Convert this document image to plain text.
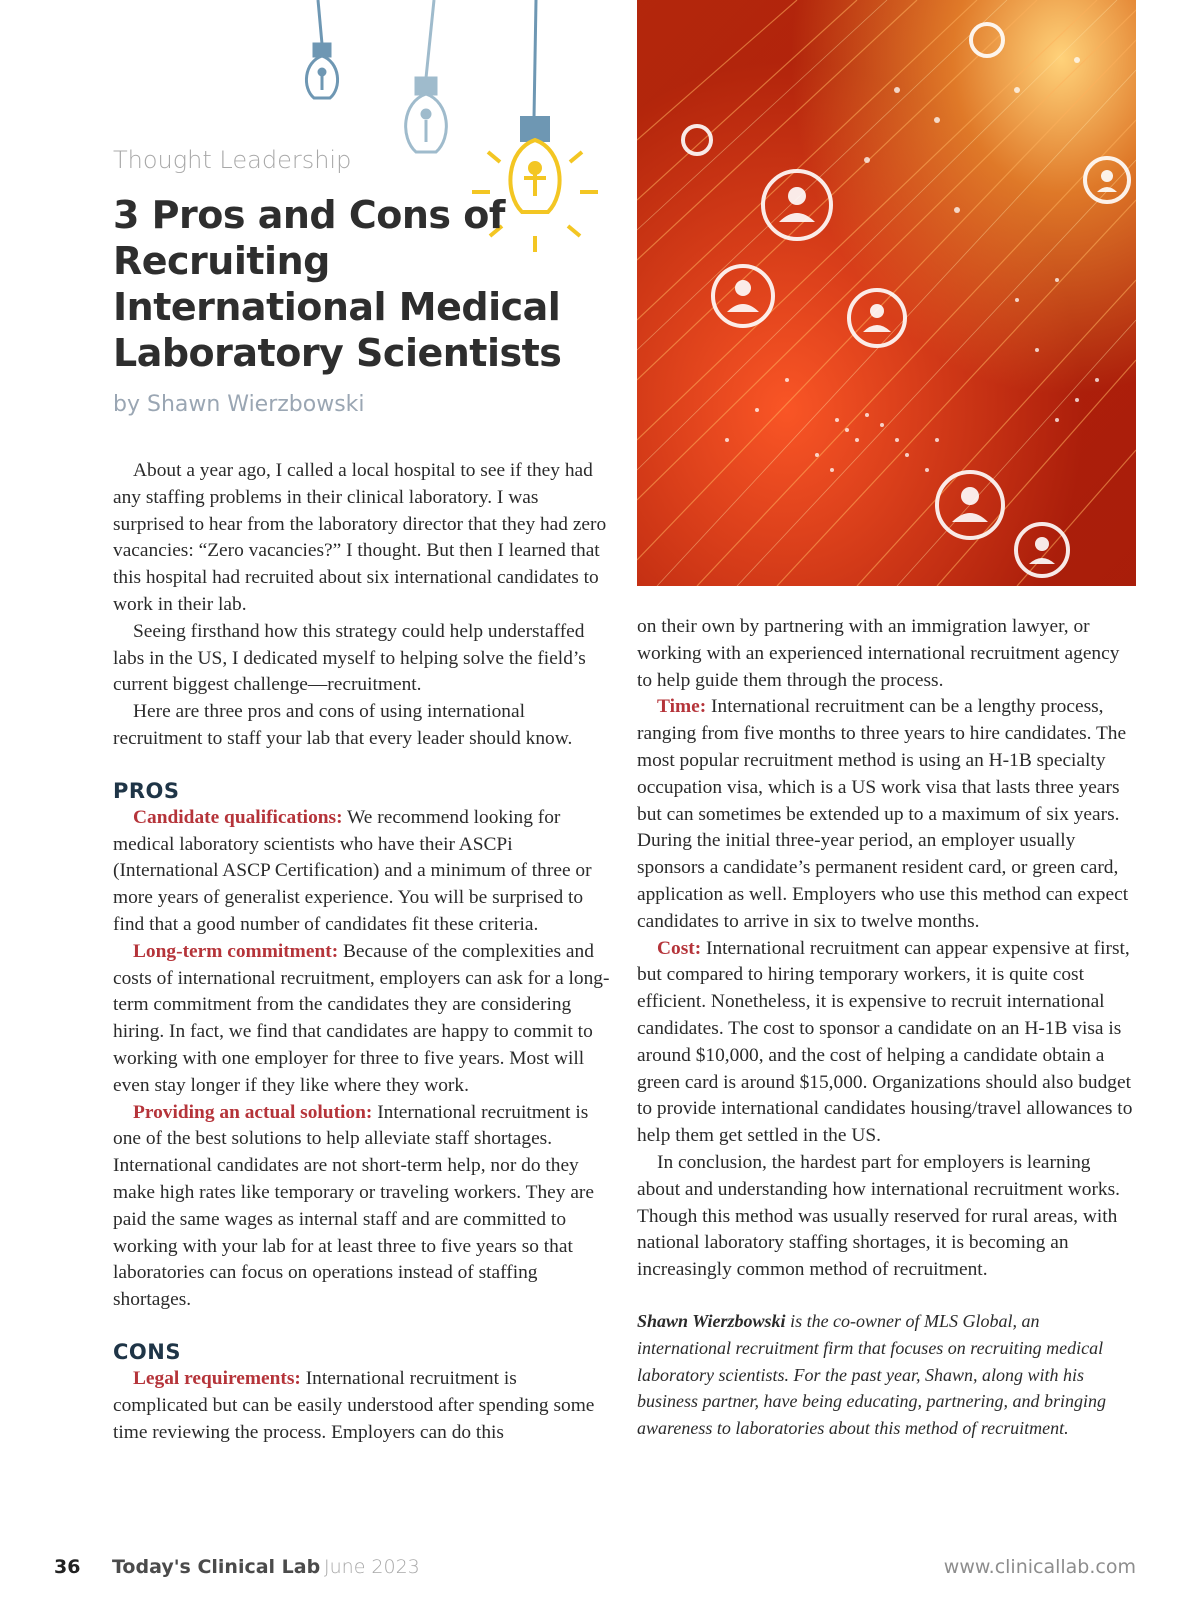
Thought Leadership
3 Pros and Cons of Recruiting International Medical Laboratory Scientists
by Shawn Wierzbowski

About a year ago, I called a local hospital to see if they had any staffing problems in their clinical laboratory. I was surprised to hear from the laboratory director that they had zero vacancies: “Zero vacancies?” I thought. But then I learned that this hospital had recruited about six international candidates to work in their lab.

Seeing firsthand how this strategy could help understaffed labs in the US, I dedicated myself to helping solve the field’s current biggest challenge—recruitment.

Here are three pros and cons of using international recruitment to staff your lab that every leader should know.

PROS

Candidate qualifications: We recommend looking for medical laboratory scientists who have their ASCPi (International ASCP Certification) and a minimum of three or more years of generalist experience. You will be surprised to find that a good number of candidates fit these criteria.

Long-term commitment: Because of the complexities and costs of international recruitment, employers can ask for a long-term commitment from the candidates they are considering hiring. In fact, we find that candidates are happy to commit to working with one employer for three to five years. Most will even stay longer if they like where they work.

Providing an actual solution: International recruitment is one of the best solutions to help alleviate staff shortages. International candidates are not short-term help, nor do they make high rates like temporary or traveling workers. They are paid the same wages as internal staff and are committed to working with your lab for at least three to five years so that laboratories can focus on operations instead of staffing shortages.

CONS

Legal requirements: International recruitment is complicated but can be easily understood after spending some time reviewing the process. Employers can do this

on their own by partnering with an immigration lawyer, or working with an experienced international recruitment agency to help guide them through the process.

Time: International recruitment can be a lengthy process, ranging from five months to three years to hire candidates. The most popular recruitment method is using an H-1B specialty occupation visa, which is a US work visa that lasts three years but can sometimes be extended up to a maximum of six years. During the initial three-year period, an employer usually sponsors a candidate’s permanent resident card, or green card, application as well. Employers who use this method can expect candidates to arrive in six to twelve months.

Cost: International recruitment can appear expensive at first, but compared to hiring temporary workers, it is quite cost efficient. Nonetheless, it is expensive to recruit international candidates. The cost to sponsor a candidate on an H-1B visa is around $10,000, and the cost of helping a candidate obtain a green card is around $15,000. Organizations should also budget to provide international candidates housing/travel allowances to help them get settled in the US.

In conclusion, the hardest part for employers is learning about and understanding how international recruitment works. Though this method was usually reserved for rural areas, with national laboratory staffing shortages, it is becoming an increasingly common method of recruitment.

Shawn Wierzbowski is the co-owner of MLS Global, an international recruitment firm that focuses on recruiting medical laboratory scientists. For the past year, Shawn, along with his business partner, have being educating, partnering, and bringing awareness to laboratories about this method of recruitment.

36 Today's Clinical Lab June 2023	www.clinicallab.com
